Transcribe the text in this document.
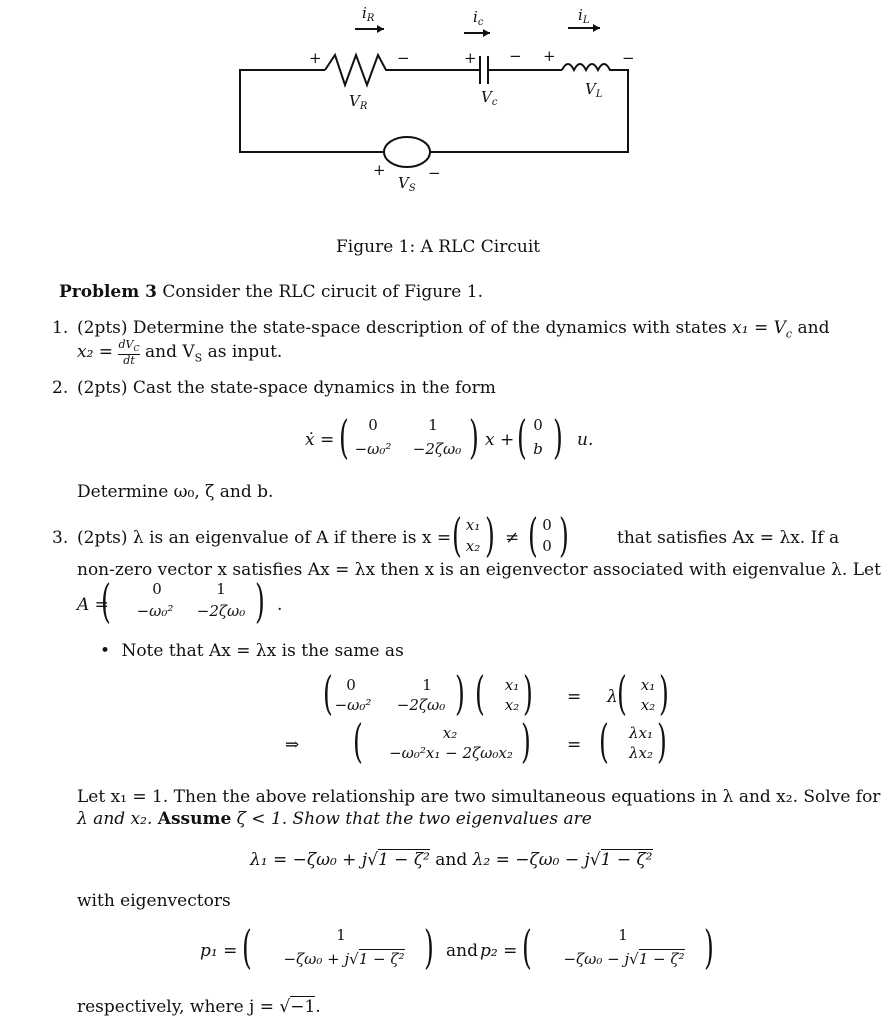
$i_R$	$i_c$	$i_L$
+	−	+ − +	−
$V_R$
$V_c$
$V_L$
+
$V_S$
−
Figure 1: A RLC Circuit
Problem 3 Consider the RLC cirucit of Figure 1.
1. (2pts) Determine the state-space description of of the dynamics with states $x_1 = V_c$ and
$x_2 = dV_C$
dt and $V_S$ as input.
2. (2pts) Cast the state-space dynamics in the form
ẋ = (	0	1
−ω₀² −2ζω₀ ) x + ( 0
b ) u.
Determine ω₀, ζ and b.
3. (2pts) λ is an eigenvalue of A if there is x = ( x₁
x₂ ) ≠ ( 0
0 )	that satisfies Ax = λx. If a
non-zero vector x satisfies Ax = λx then x is an eigenvector associated with eigenvalue λ. Let
A =
(	0	1
−ω₀² −2ζω₀ ) .
• Note that Ax = λx is the same as
( 0	1
−ω₀² −2ζω₀ ) (	x₁
x₂ ) = λ ( x₁
x₂ )
⇒ (	x₂
−ω₀²x₁ − 2ζω₀x₂ ) = (	λx₁
λx₂ )
Let x₁ = 1. Then the above relationship are two simultaneous equations in λ and x₂. Solve for
λ and x₂. Assume ζ < 1. Show that the two eigenvalues are
λ₁ = −ζω₀ + j√1 − ζ² and λ₂ = −ζω₀ − j√1 − ζ²
with eigenvectors
p₁ = (	1
−ζω₀ + j√1 − ζ² ) and p₂ = (	1
−ζω₀ − j√1 − ζ² )
respectively, where j = √−1.
